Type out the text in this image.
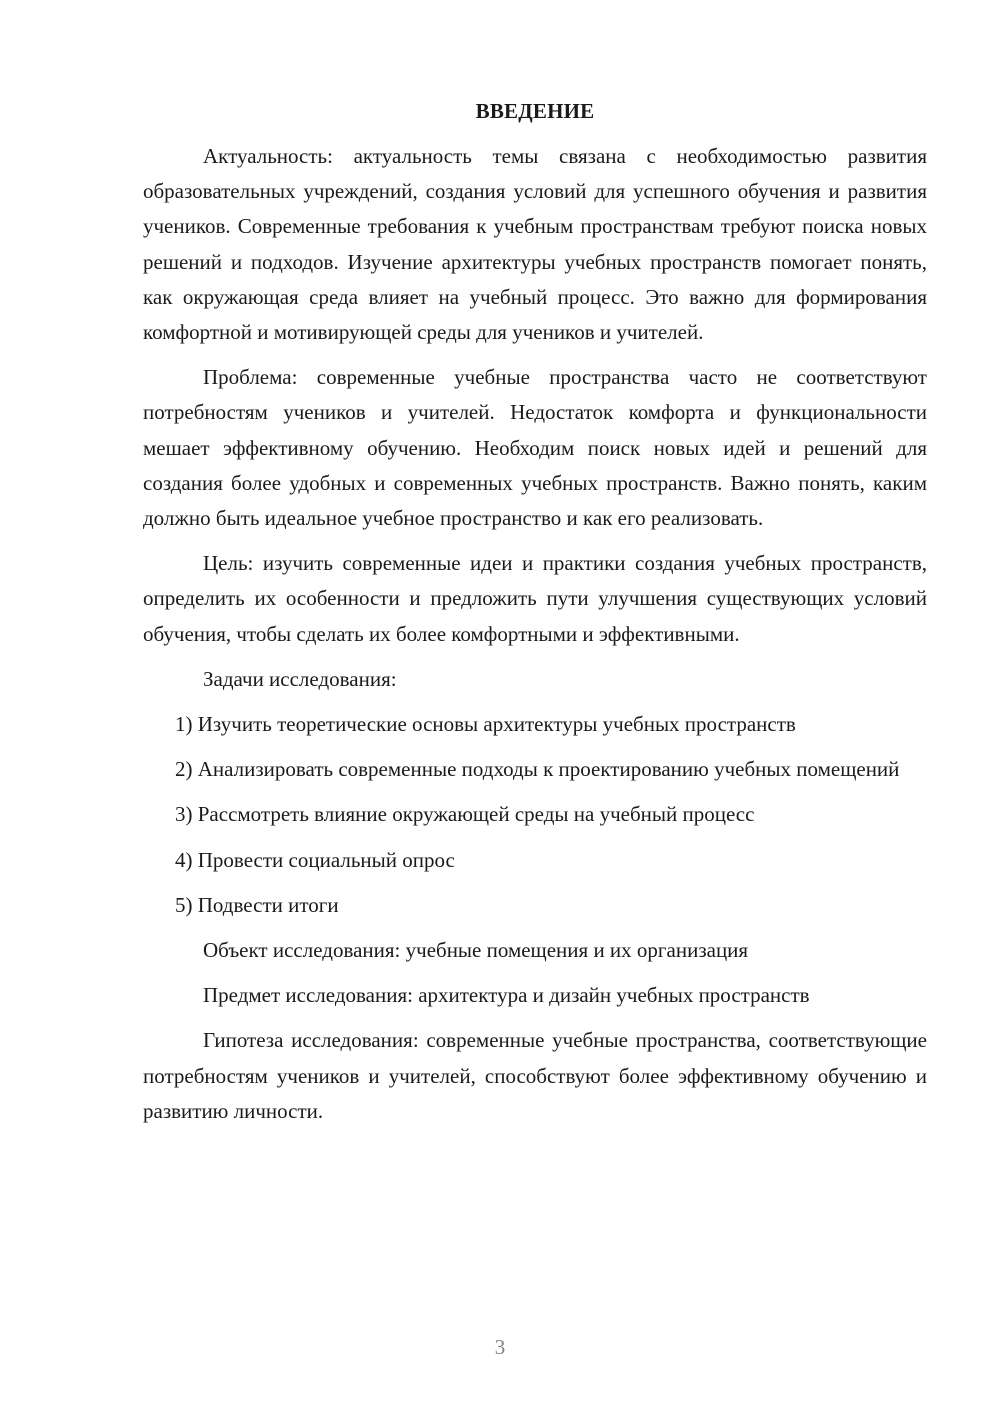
ВВЕДЕНИЕ

Актуальность: актуальность темы связана с необходимостью развития образовательных учреждений, создания условий для успешного обучения и развития учеников. Современные требования к учебным пространствам требуют поиска новых решений и подходов. Изучение архитектуры учебных пространств помогает понять, как окружающая среда влияет на учебный процесс. Это важно для формирования комфортной и мотивирующей среды для учеников и учителей.

Проблема: современные учебные пространства часто не соответствуют потребностям учеников и учителей. Недостаток комфорта и функциональности мешает эффективному обучению. Необходим поиск новых идей и решений для создания более удобных и современных учебных пространств. Важно понять, каким должно быть идеальное учебное пространство и как его реализовать.

Цель: изучить современные идеи и практики создания учебных пространств, определить их особенности и предложить пути улучшения существующих условий обучения, чтобы сделать их более комфортными и эффективными.

Задачи исследования:

1) Изучить теоретические основы архитектуры учебных пространств

2) Анализировать современные подходы к проектированию учебных помещений

3) Рассмотреть влияние окружающей среды на учебный процесс

4) Провести социальный опрос

5) Подвести итоги

Объект исследования: учебные помещения и их организация

Предмет исследования: архитектура и дизайн учебных пространств

Гипотеза исследования: современные учебные пространства, соответствующие потребностям учеников и учителей, способствуют более эффективному обучению и развитию личности.

3
